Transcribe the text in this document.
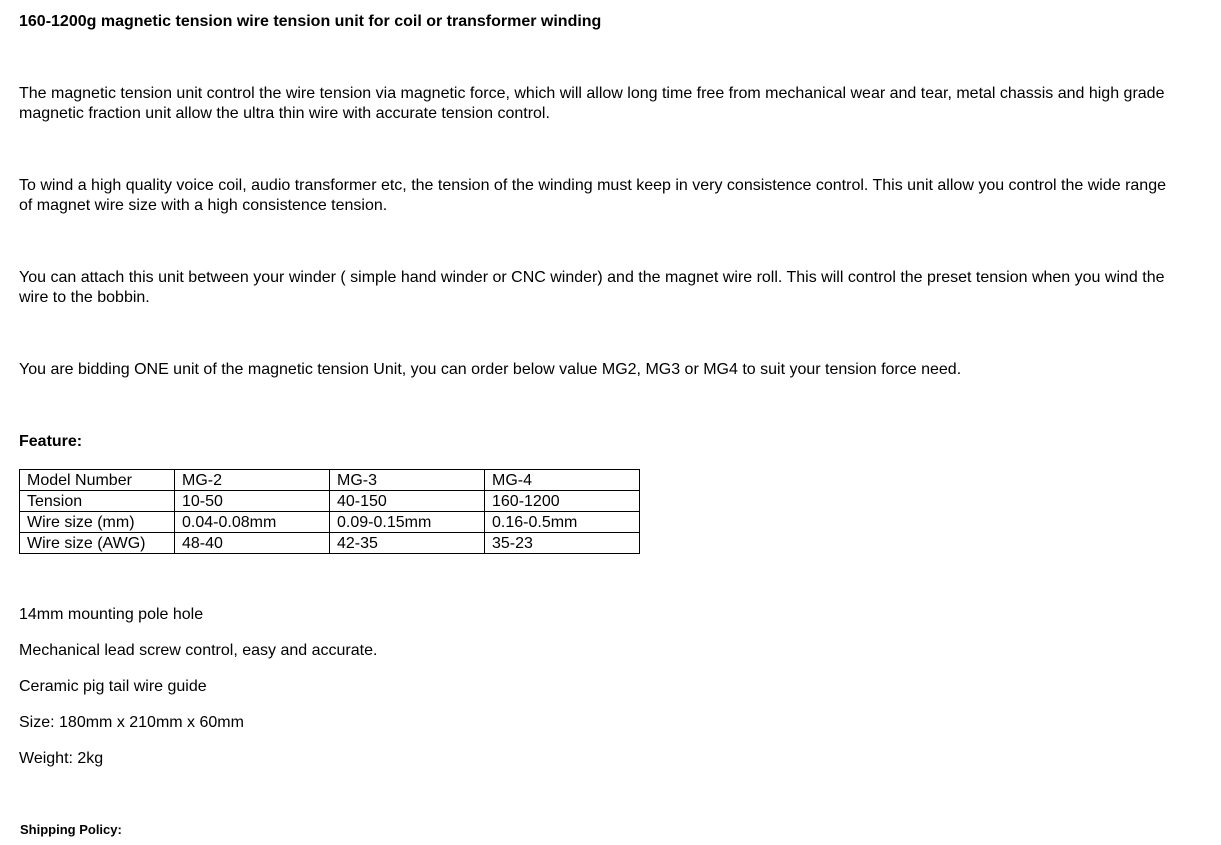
160-1200g magnetic tension wire tension unit for coil or transformer winding

The magnetic tension unit control the wire tension via magnetic force, which will allow long time free from mechanical wear and tear, metal chassis and high grade magnetic fraction unit allow the ultra thin wire with accurate tension control.

To wind a high quality voice coil, audio transformer etc, the tension of the winding must keep in very consistence control. This unit allow you control the wide range of magnet wire size with a high consistence tension.

You can attach this unit between your winder ( simple hand winder or CNC winder) and the magnet wire roll. This will control the preset tension when you wind the wire to the bobbin.

You are bidding ONE unit of the magnetic tension Unit, you can order below value MG2, MG3 or MG4 to suit your tension force need.

Feature:
Model Number	MG-2	MG-3	MG-4
Tension	10-50	40-150	160-1200
Wire size (mm)	0.04-0.08mm	0.09-0.15mm	0.16-0.5mm
Wire size (AWG)	48-40	42-35	35-23

14mm mounting pole hole

Mechanical lead screw control, easy and accurate.

Ceramic pig tail wire guide

Size: 180mm x 210mm x 60mm

Weight: 2kg

Shipping Policy:
